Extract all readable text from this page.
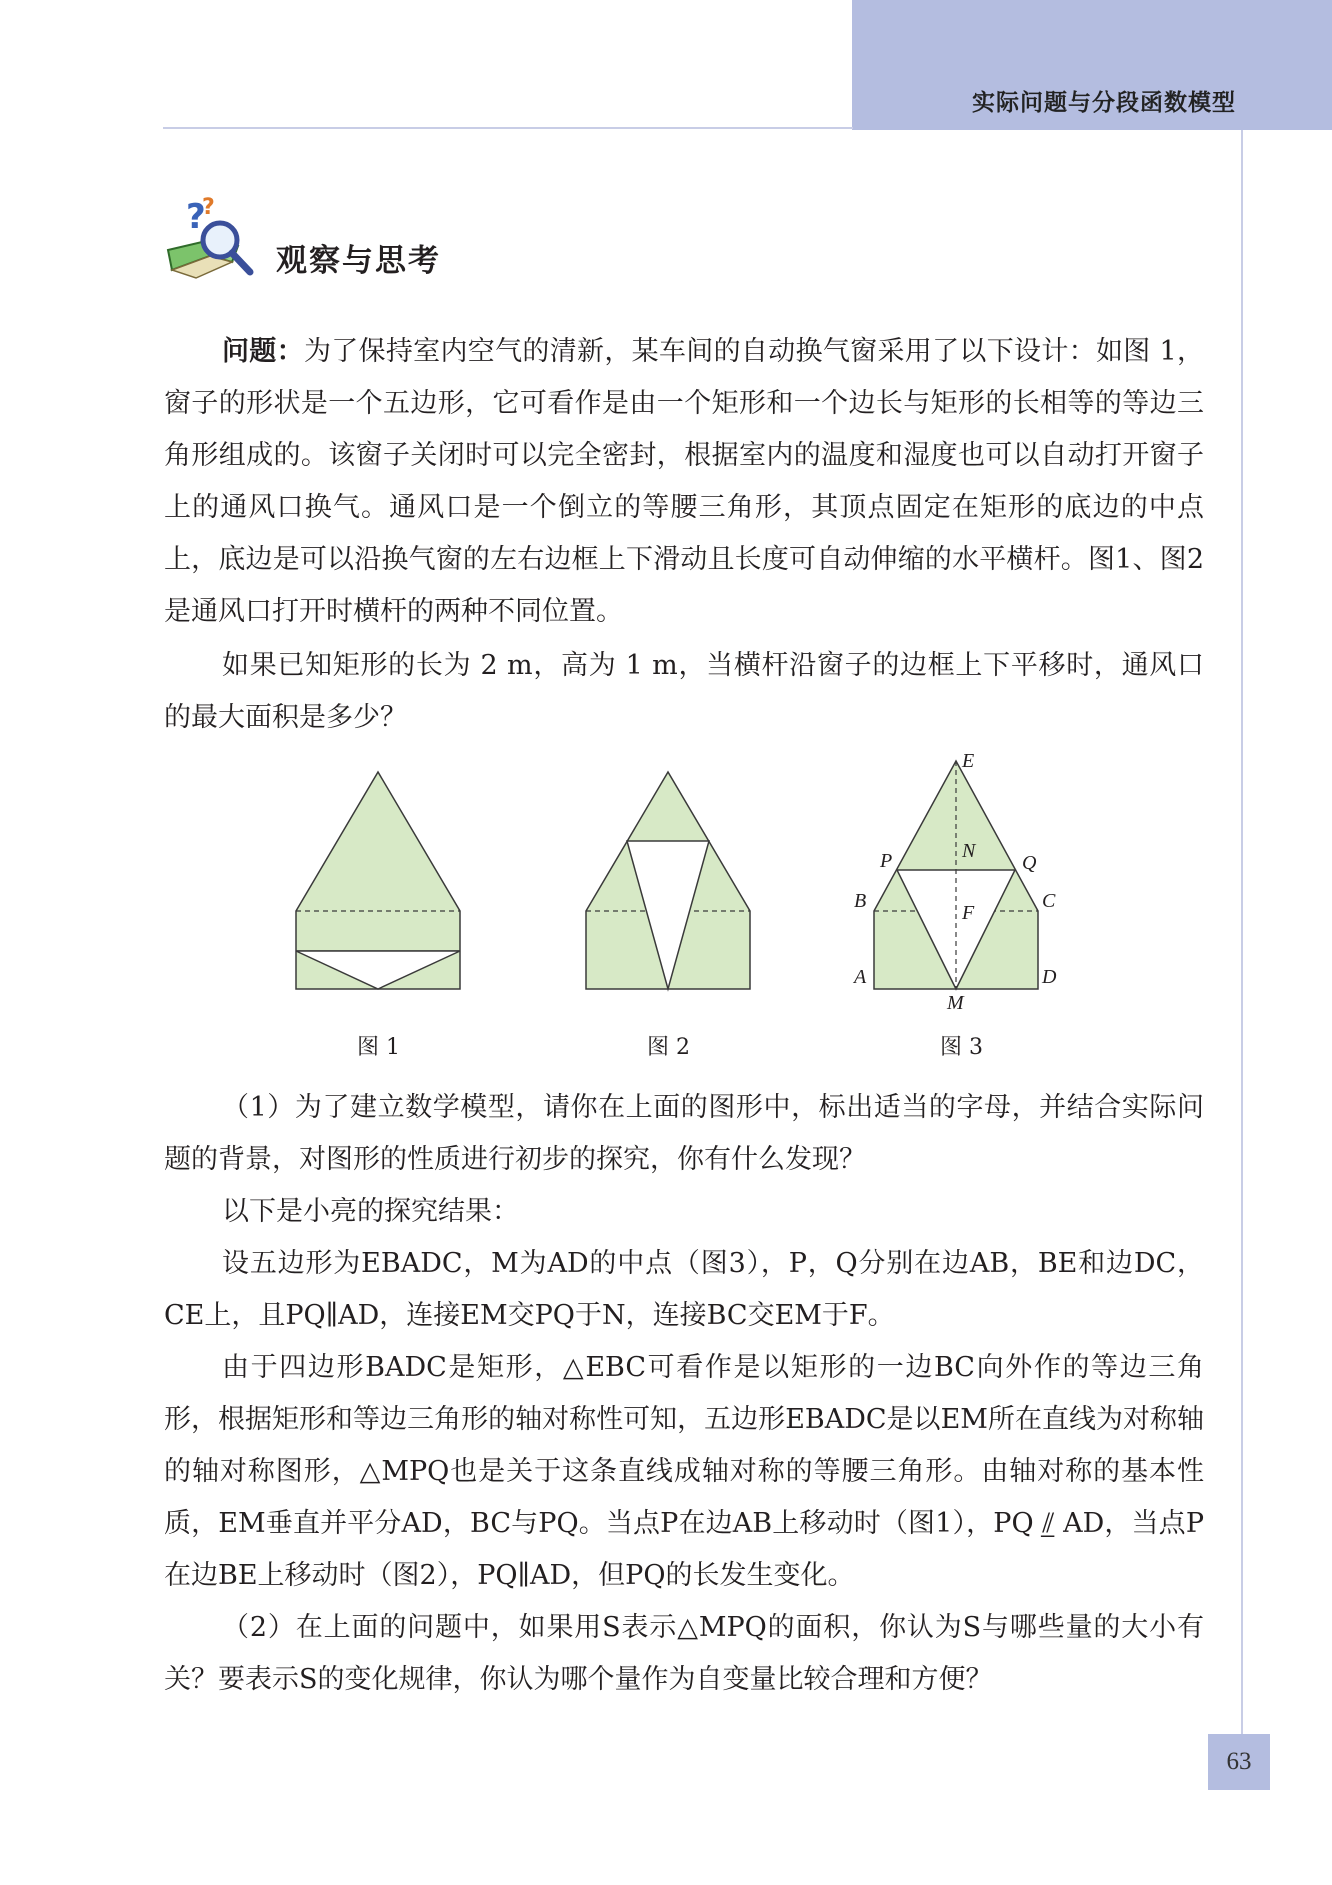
实际问题与分段函数模型
?
?
观察与思考
问题：为了保持室内空气的清新，某车间的自动换气窗采用了以下设计：如图 1，窗子的形状是一个五边形，它可看作是由一个矩形和一个边长与矩形的长相等的等边三角形组成的。该窗子关闭时可以完全密封，根据室内的温度和湿度也可以自动打开窗子上的通风口换气。通风口是一个倒立的等腰三角形，其顶点固定在矩形的底边的中点上，底边是可以沿换气窗的左右边框上下滑动且长度可自动伸缩的水平横杆。图1、图2是通风口打开时横杆的两种不同位置。
如果已知矩形的长为 2 m，高为 1 m，当横杆沿窗子的边框上下平移时，通风口的最大面积是多少？
E
P	N
Q
B	C
F
A	D
M
图 1	图 2	图 3
（1）为了建立数学模型，请你在上面的图形中，标出适当的字母，并结合实际问题的背景，对图形的性质进行初步的探究，你有什么发现？
以下是小亮的探究结果：
设五边形为EBADC，M为AD的中点（图3），P，Q分别在边AB，BE和边DC，CE上，且PQ∥AD，连接EM交PQ于N，连接BC交EM于F。
由于四边形BADC是矩形，△EBC可看作是以矩形的一边BC向外作的等边三角形，根据矩形和等边三角形的轴对称性可知，五边形EBADC是以EM所在直线为对称轴的轴对称图形，△MPQ也是关于这条直线成轴对称的等腰三角形。由轴对称的基本性质，EM垂直并平分AD，BC与PQ。当点P在边AB上移动时（图1），PQ ⫽̲ AD，当点P在边BE上移动时（图2），PQ∥AD，但PQ的长发生变化。
（2）在上面的问题中，如果用S表示△MPQ的面积，你认为S与哪些量的大小有关？要表示S的变化规律，你认为哪个量作为自变量比较合理和方便？
63
